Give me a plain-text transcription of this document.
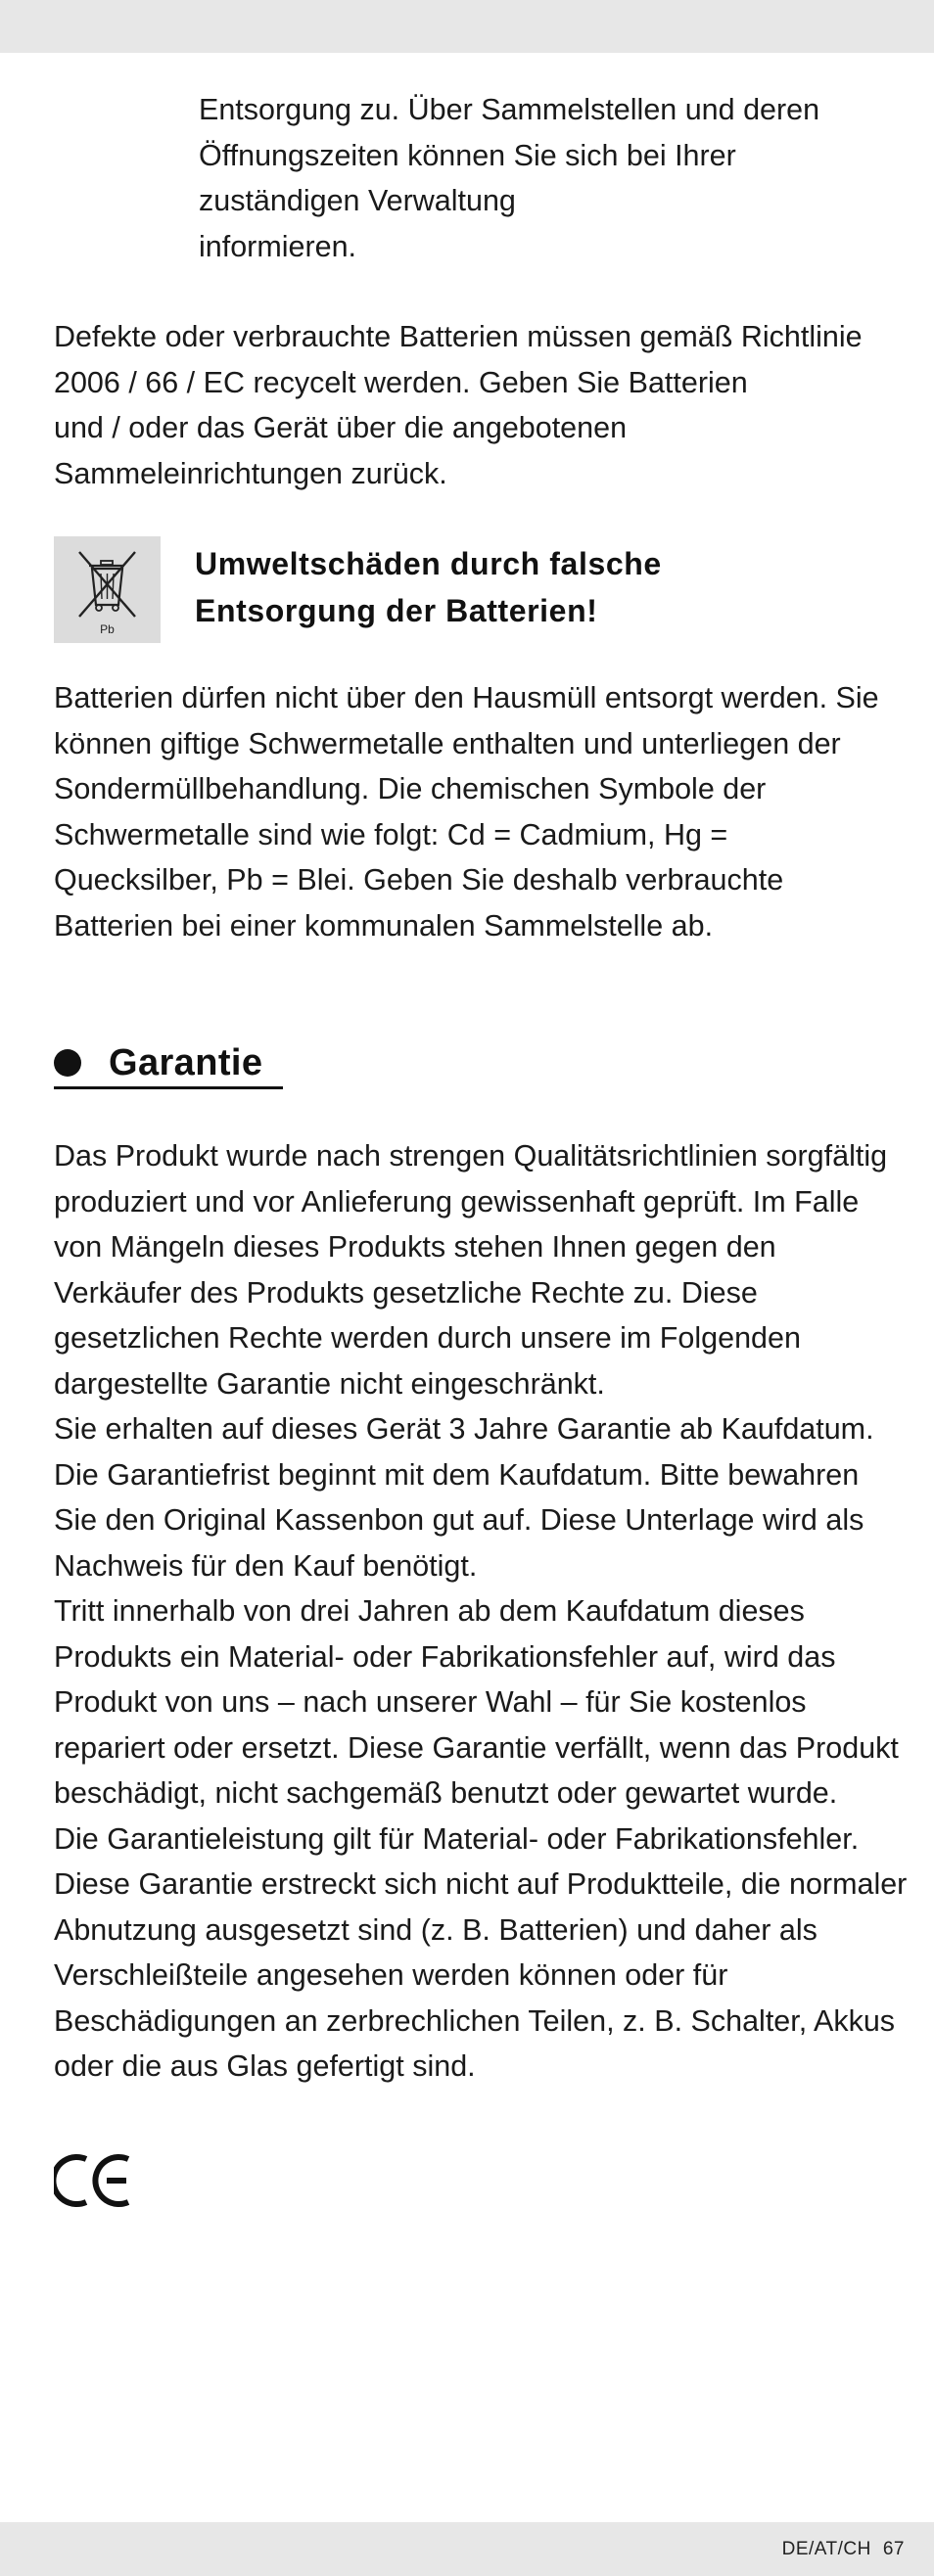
Entsorgung zu. Über Sammelstellen und deren
Öffnungszeiten können Sie sich bei Ihrer
zuständigen Verwaltung
informieren.
Defekte oder verbrauchte Batterien müssen gemäß Richtlinie
2006 / 66 / EC recycelt werden. Geben Sie Batterien
und / oder das Gerät über die angebotenen
Sammeleinrichtungen zurück.
Pb
Umweltschäden durch falsche
Entsorgung der Batterien!
Batterien dürfen nicht über den Hausmüll entsorgt werden. Sie
können giftige Schwermetalle enthalten und unterliegen der
Sondermüllbehandlung. Die chemischen Symbole der
Schwermetalle sind wie folgt: Cd = Cadmium, Hg =
Quecksilber, Pb = Blei. Geben Sie deshalb verbrauchte
Batterien bei einer kommunalen Sammelstelle ab.
Garantie
Das Produkt wurde nach strengen Qualitätsrichtlinien sorgfältig
produziert und vor Anlieferung gewissenhaft geprüft. Im Falle
von Mängeln dieses Produkts stehen Ihnen gegen den
Verkäufer des Produkts gesetzliche Rechte zu. Diese
gesetzlichen Rechte werden durch unsere im Folgenden
dargestellte Garantie nicht eingeschränkt.
Sie erhalten auf dieses Gerät 3 Jahre Garantie ab Kaufdatum.
Die Garantiefrist beginnt mit dem Kaufdatum. Bitte bewahren
Sie den Original Kassenbon gut auf. Diese Unterlage wird als
Nachweis für den Kauf benötigt.
Tritt innerhalb von drei Jahren ab dem Kaufdatum dieses
Produkts ein Material- oder Fabrikationsfehler auf, wird das
Produkt von uns – nach unserer Wahl – für Sie kostenlos
repariert oder ersetzt. Diese Garantie verfällt, wenn das Produkt
beschädigt, nicht sachgemäß benutzt oder gewartet wurde.
Die Garantieleistung gilt für Material- oder Fabrikationsfehler.
Diese Garantie erstreckt sich nicht auf Produktteile, die normaler
Abnutzung ausgesetzt sind (z. B. Batterien) und daher als
Verschleißteile angesehen werden können oder für
Beschädigungen an zerbrechlichen Teilen, z. B. Schalter, Akkus
oder die aus Glas gefertigt sind.
DE/AT/CH 67
